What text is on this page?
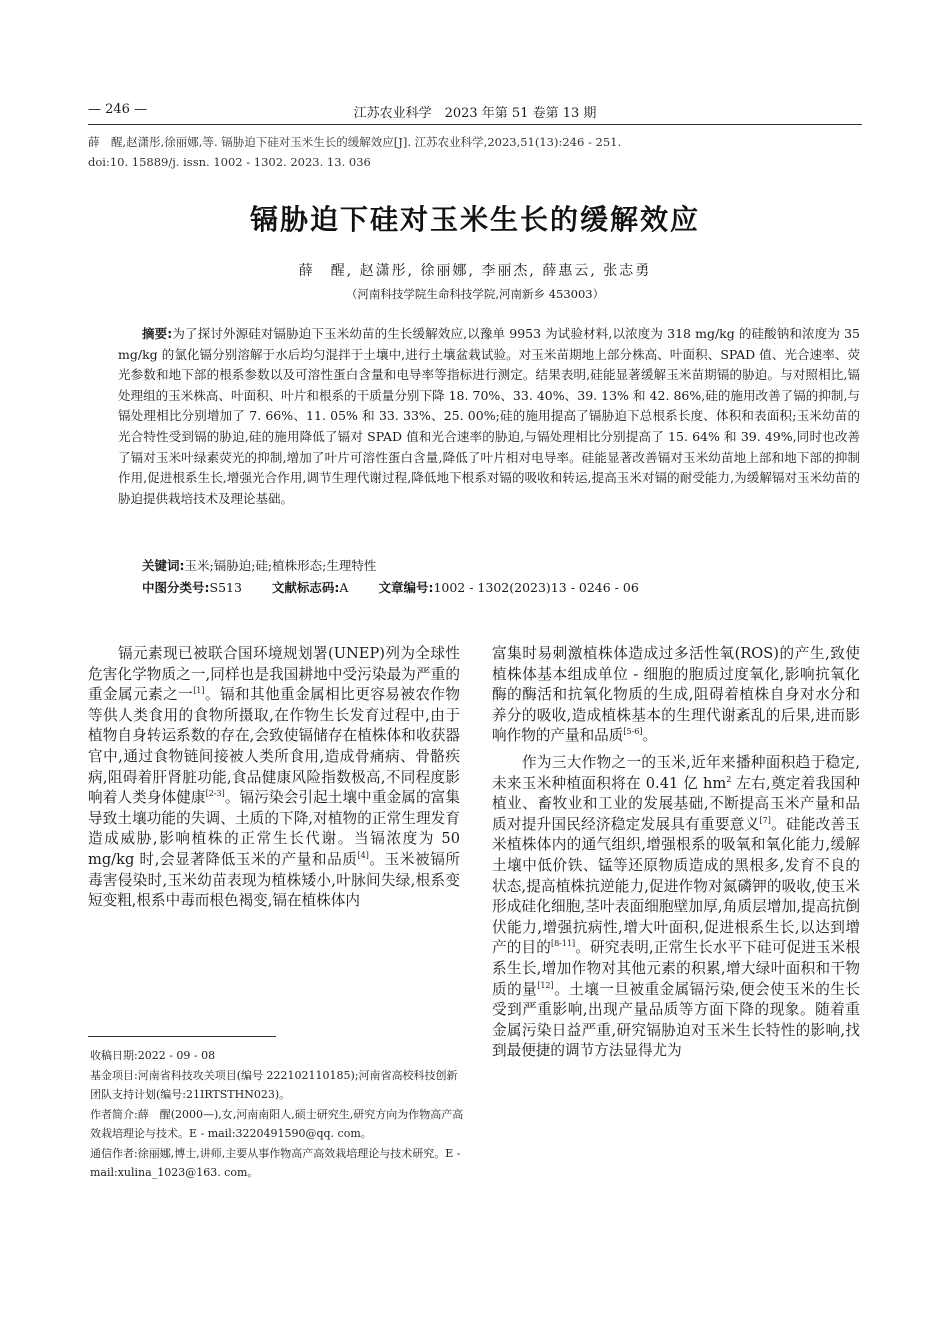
— 246 —	江苏农业科学　2023 年第 51 卷第 13 期
薛　醒,赵潇彤,徐丽娜,等. 镉胁迫下硅对玉米生长的缓解效应[J]. 江苏农业科学,2023,51(13):246 - 251.
doi:10. 15889/j. issn. 1002 - 1302. 2023. 13. 036
镉胁迫下硅对玉米生长的缓解效应
薛　醒, 赵潇彤, 徐丽娜, 李丽杰, 薛惠云, 张志勇
（河南科技学院生命科技学院,河南新乡 453003）

摘要:为了探讨外源硅对镉胁迫下玉米幼苗的生长缓解效应,以豫单 9953 为试验材料,以浓度为 318 mg/kg 的硅酸钠和浓度为 35 mg/kg 的氯化镉分别溶解于水后均匀混拌于土壤中,进行土壤盆栽试验。对玉米苗期地上部分株高、叶面积、SPAD 值、光合速率、荧光参数和地下部的根系参数以及可溶性蛋白含量和电导率等指标进行测定。结果表明,硅能显著缓解玉米苗期镉的胁迫。与对照相比,镉处理组的玉米株高、叶面积、叶片和根系的干质量分别下降 18. 70%、33. 40%、39. 13% 和 42. 86%,硅的施用改善了镉的抑制,与镉处理相比分别增加了 7. 66%、11. 05% 和 33. 33%、25. 00%;硅的施用提高了镉胁迫下总根系长度、体积和表面积;玉米幼苗的光合特性受到镉的胁迫,硅的施用降低了镉对 SPAD 值和光合速率的胁迫,与镉处理相比分别提高了 15. 64% 和 39. 49%,同时也改善了镉对玉米叶绿素荧光的抑制,增加了叶片可溶性蛋白含量,降低了叶片相对电导率。硅能显著改善镉对玉米幼苗地上部和地下部的抑制作用,促进根系生长,增强光合作用,调节生理代谢过程,降低地下根系对镉的吸收和转运,提高玉米对镉的耐受能力,为缓解镉对玉米幼苗的胁迫提供栽培技术及理论基础。

关键词:玉米;镉胁迫;硅;植株形态;生理特性
中图分类号:S513 文献标志码:A 文章编号:1002 - 1302(2023)13 - 0246 - 06

镉元素现已被联合国环境规划署(UNEP)列为全球性危害化学物质之一,同样也是我国耕地中受污染最为严重的重金属元素之一[1]。镉和其他重金属相比更容易被农作物等供人类食用的食物所摄取,在作物生长发育过程中,由于植物自身转运系数的存在,会致使镉储存在植株体和收获器官中,通过食物链间接被人类所食用,造成骨痛病、骨骼疾病,阻碍着肝肾脏功能,食品健康风险指数极高,不同程度影响着人类身体健康[2-3]。镉污染会引起土壤中重金属的富集导致土壤功能的失调、土质的下降,对植物的正常生理发育造成威胁,影响植株的正常生长代谢。当镉浓度为 50 mg/kg 时,会显著降低玉米的产量和品质[4]。玉米被镉所毒害侵染时,玉米幼苗表现为植株矮小,叶脉间失绿,根系变短变粗,根系中毒而根色褐变,镉在植株体内

富集时易刺激植株体造成过多活性氧(ROS)的产生,致使植株体基本组成单位 - 细胞的胞质过度氧化,影响抗氧化酶的酶活和抗氧化物质的生成,阻碍着植株自身对水分和养分的吸收,造成植株基本的生理代谢紊乱的后果,进而影响作物的产量和品质[5-6]。

作为三大作物之一的玉米,近年来播种面积趋于稳定,未来玉米种植面积将在 0.41 亿 $hm^2$ 左右,奠定着我国种植业、畜牧业和工业的发展基础,不断提高玉米产量和品质对提升国民经济稳定发展具有重要意义[7]。硅能改善玉米植株体内的通气组织,增强根系的吸氧和氧化能力,缓解土壤中低价铁、锰等还原物质造成的黑根多,发育不良的状态,提高植株抗逆能力,促进作物对氮磷钾的吸收,使玉米形成硅化细胞,茎叶表面细胞壁加厚,角质层增加,提高抗倒伏能力,增强抗病性,增大叶面积,促进根系生长,以达到增产的目的[8-11]。研究表明,正常生长水平下硅可促进玉米根系生长,增加作物对其他元素的积累,增大绿叶面积和干物质的量[12]。土壤一旦被重金属镉污染,便会使玉米的生长受到严重影响,出现产量品质等方面下降的现象。随着重金属污染日益严重,研究镉胁迫对玉米生长特性的影响,找到最便捷的调节方法显得尤为

收稿日期:2022 - 09 - 08
基金项目:河南省科技攻关项目(编号 222102110185);河南省高校科技创新团队支持计划(编号:21IRTSTHN023)。
作者简介:薛　醒(2000—),女,河南南阳人,硕士研究生,研究方向为作物高产高效栽培理论与技术。E - mail:3220491590@qq. com。
通信作者:徐丽娜,博士,讲师,主要从事作物高产高效栽培理论与技术研究。E - mail:xulina_1023@163. com。
